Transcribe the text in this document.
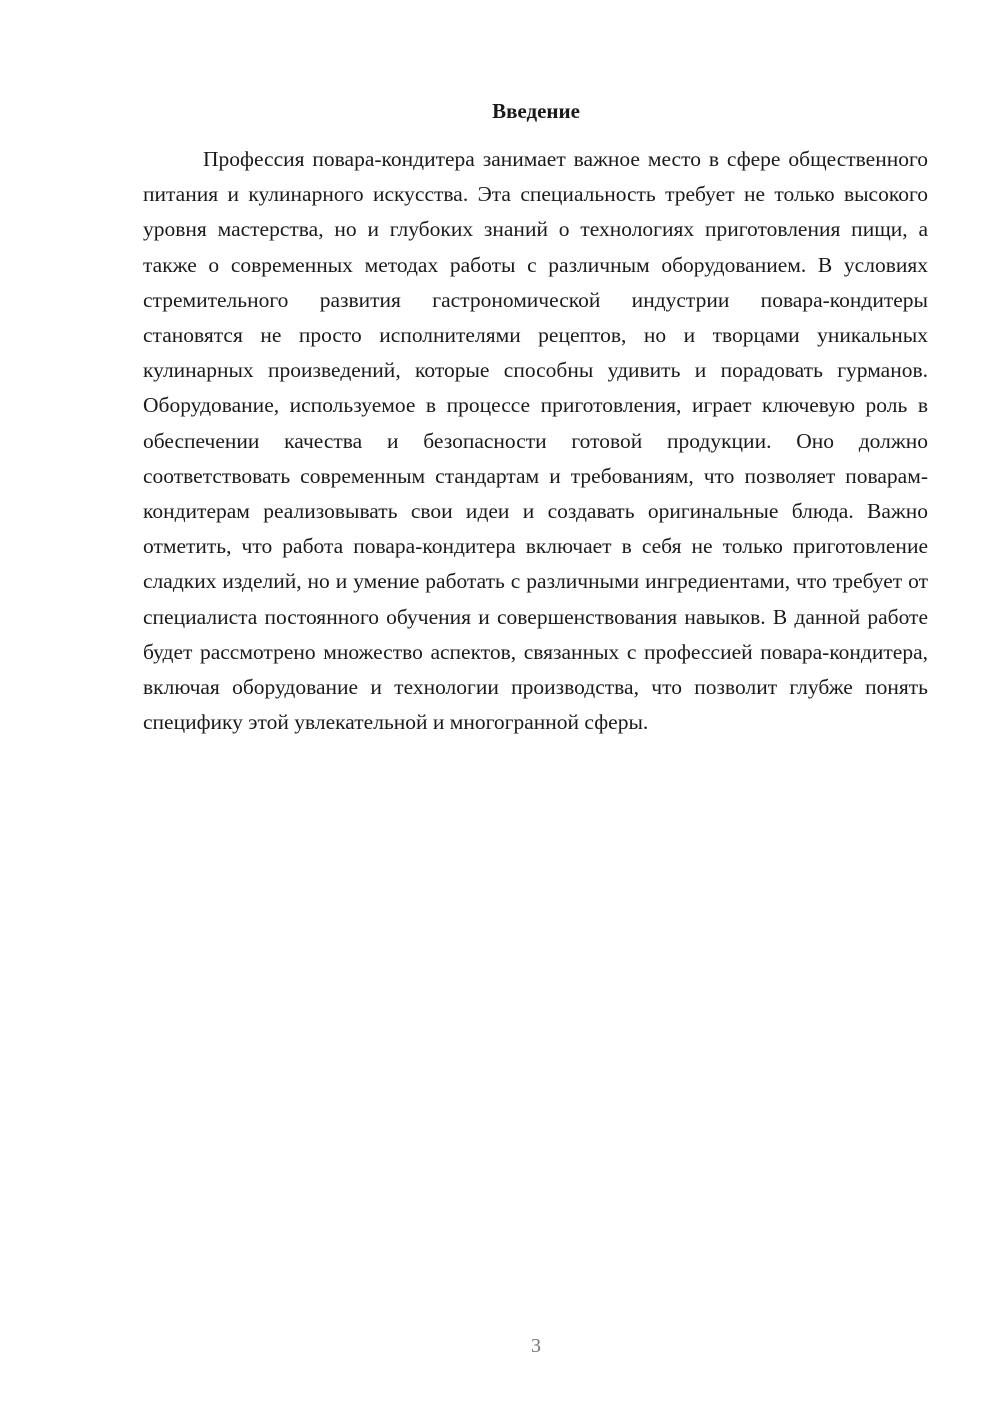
Введение

Профессия повара-кондитера занимает важное место в сфере общественного питания и кулинарного искусства. Эта специальность требует не только высокого уровня мастерства, но и глубоких знаний о технологиях приготовления пищи, а также о современных методах работы с различным оборудованием. В условиях стремительного развития гастрономической индустрии повара-кондитеры становятся не просто исполнителями рецептов, но и творцами уникальных кулинарных произведений, которые способны удивить и порадовать гурманов. Оборудование, используемое в процессе приготовления, играет ключевую роль в обеспечении качества и безопасности готовой продукции. Оно должно соответствовать современным стандартам и требованиям, что позволяет поварам-кондитерам реализовывать свои идеи и создавать оригинальные блюда. Важно отметить, что работа повара-кондитера включает в себя не только приготовление сладких изделий, но и умение работать с различными ингредиентами, что требует от специалиста постоянного обучения и совершенствования навыков. В данной работе будет рассмотрено множество аспектов, связанных с профессией повара-кондитера, включая оборудование и технологии производства, что позволит глубже понять специфику этой увлекательной и многогранной сферы.

3
